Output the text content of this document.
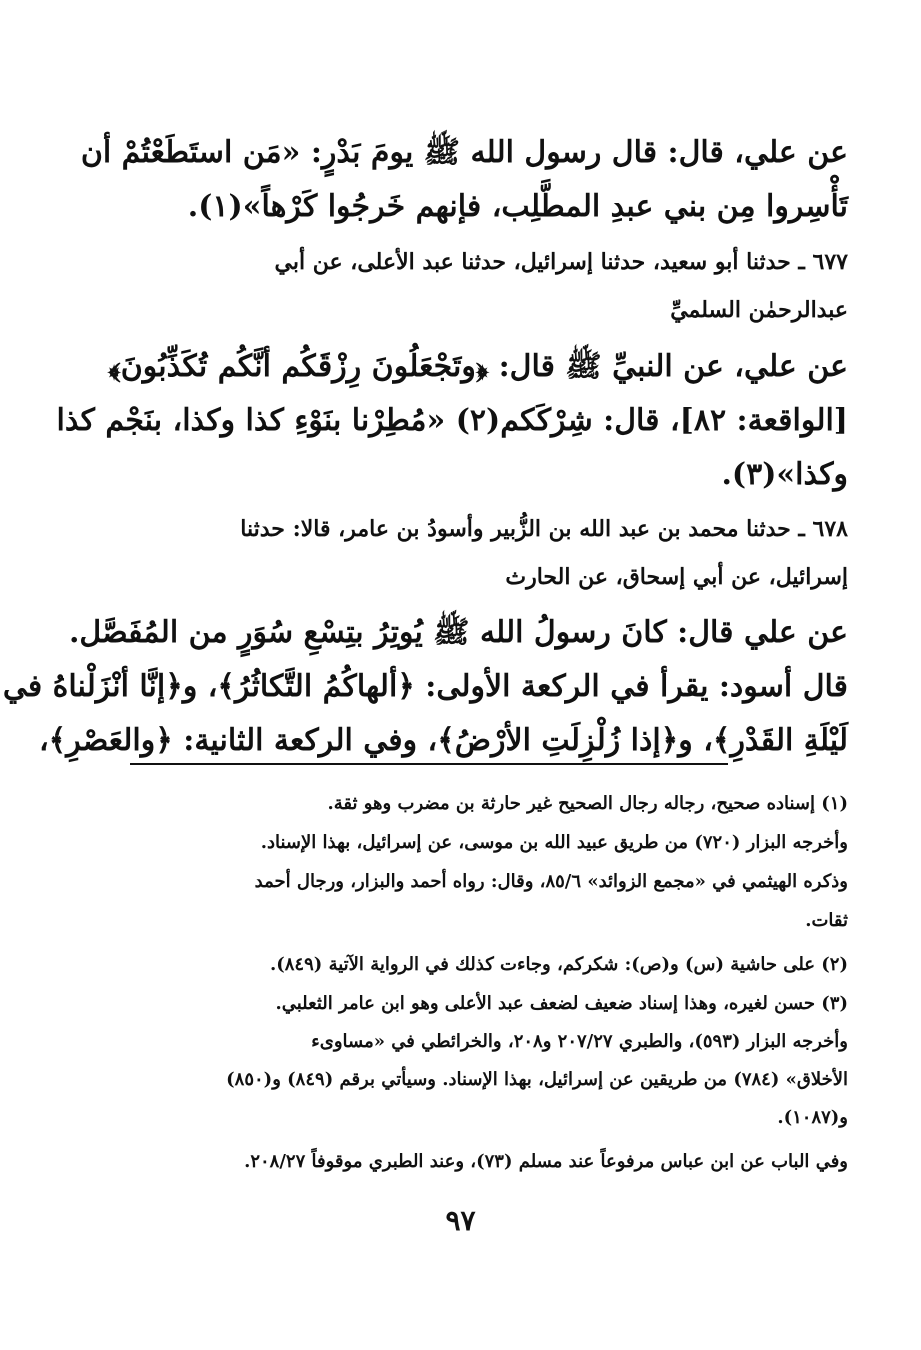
عن علي، قال: قال رسول الله ﷺ يومَ بَدْرٍ: «مَن استَطَعْتُمْ أن
تَأْسِروا مِن بني عبدِ المطَّلِب، فإنهم خَرجُوا كَرْهاً»(١).
٦٧٧ ـ حدثنا أبو سعيد، حدثنا إسرائيل، حدثنا عبد الأعلى، عن أبي
عبدالرحمٰن السلميِّ
عن علي، عن النبيِّ ﷺ قال: ﴿وتَجْعَلُونَ رِزْقَكُم أنَّكُم تُكَذِّبُونَ﴾
[الواقعة: ٨٢]، قال: شِرْكَكم(٢) «مُطِرْنا بنَوْءِ كذا وكذا، بنَجْم كذا
وكذا»(٣).
٦٧٨ ـ حدثنا محمد بن عبد الله بن الزُّبير وأسودُ بن عامر، قالا: حدثنا
إسرائيل، عن أبي إسحاق، عن الحارث
عن علي قال: كانَ رسولُ الله ﷺ يُوتِرُ بتِسْعِ سُوَرٍ من المُفَصَّل.
قال أسود: يقرأ في الركعة الأولى: ﴿ألهاكُمُ التَّكاثُرُ﴾، و﴿إنَّا أنْزَلْناهُ في
لَيْلَةِ القَدْرِ﴾، و﴿إذا زُلْزِلَتِ الأرْضُ﴾، وفي الركعة الثانية: ﴿والعَصْرِ﴾،
(١) إسناده صحيح، رجاله رجال الصحيح غير حارثة بن مضرب وهو ثقة.
وأخرجه البزار (٧٢٠) من طريق عبيد الله بن موسى، عن إسرائيل، بهذا الإسناد.
وذكره الهيثمي في «مجمع الزوائد» ٨٥/٦، وقال: رواه أحمد والبزار، ورجال أحمد
ثقات.
(٢) على حاشية (س) و(ص): شكركم، وجاءت كذلك في الرواية الآتية (٨٤٩).
(٣) حسن لغيره، وهذا إسناد ضعيف لضعف عبد الأعلى وهو ابن عامر الثعلبي.
وأخرجه البزار (٥٩٣)، والطبري ٢٠٧/٢٧ و٢٠٨، والخرائطي في «مساوىء
الأخلاق» (٧٨٤) من طريقين عن إسرائيل، بهذا الإسناد. وسيأتي برقم (٨٤٩) و(٨٥٠)
و(١٠٨٧).
وفي الباب عن ابن عباس مرفوعاً عند مسلم (٧٣)، وعند الطبري موقوفاً ٢٠٨/٢٧.
٩٧
